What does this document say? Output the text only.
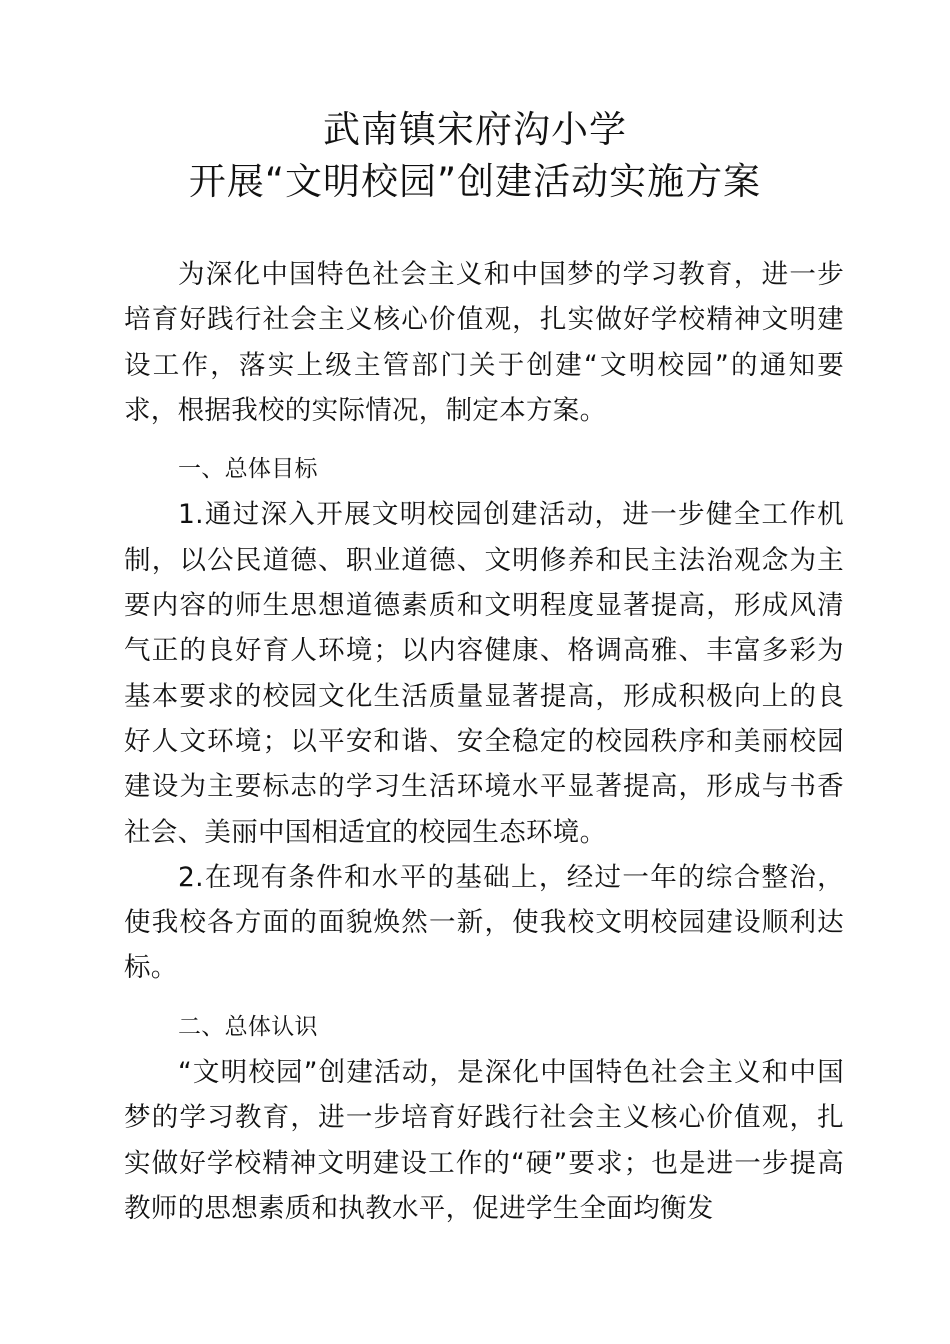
武南镇宋府沟小学
开展“文明校园”创建活动实施方案

为深化中国特色社会主义和中国梦的学习教育，进一步培育好践行社会主义核心价值观，扎实做好学校精神文明建设工作，落实上级主管部门关于创建“文明校园”的通知要求，根据我校的实际情况，制定本方案。

一、总体目标

1.通过深入开展文明校园创建活动，进一步健全工作机制，以公民道德、职业道德、文明修养和民主法治观念为主要内容的师生思想道德素质和文明程度显著提高，形成风清气正的良好育人环境；以内容健康、格调高雅、丰富多彩为基本要求的校园文化生活质量显著提高，形成积极向上的良好人文环境；以平安和谐、安全稳定的校园秩序和美丽校园建设为主要标志的学习生活环境水平显著提高，形成与书香社会、美丽中国相适宜的校园生态环境。

2.在现有条件和水平的基础上，经过一年的综合整治，使我校各方面的面貌焕然一新，使我校文明校园建设顺利达标。

二、总体认识

“文明校园”创建活动，是深化中国特色社会主义和中国梦的学习教育，进一步培育好践行社会主义核心价值观，扎实做好学校精神文明建设工作的“硬”要求；也是进一步提高教师的思想素质和执教水平，促进学生全面均衡发
